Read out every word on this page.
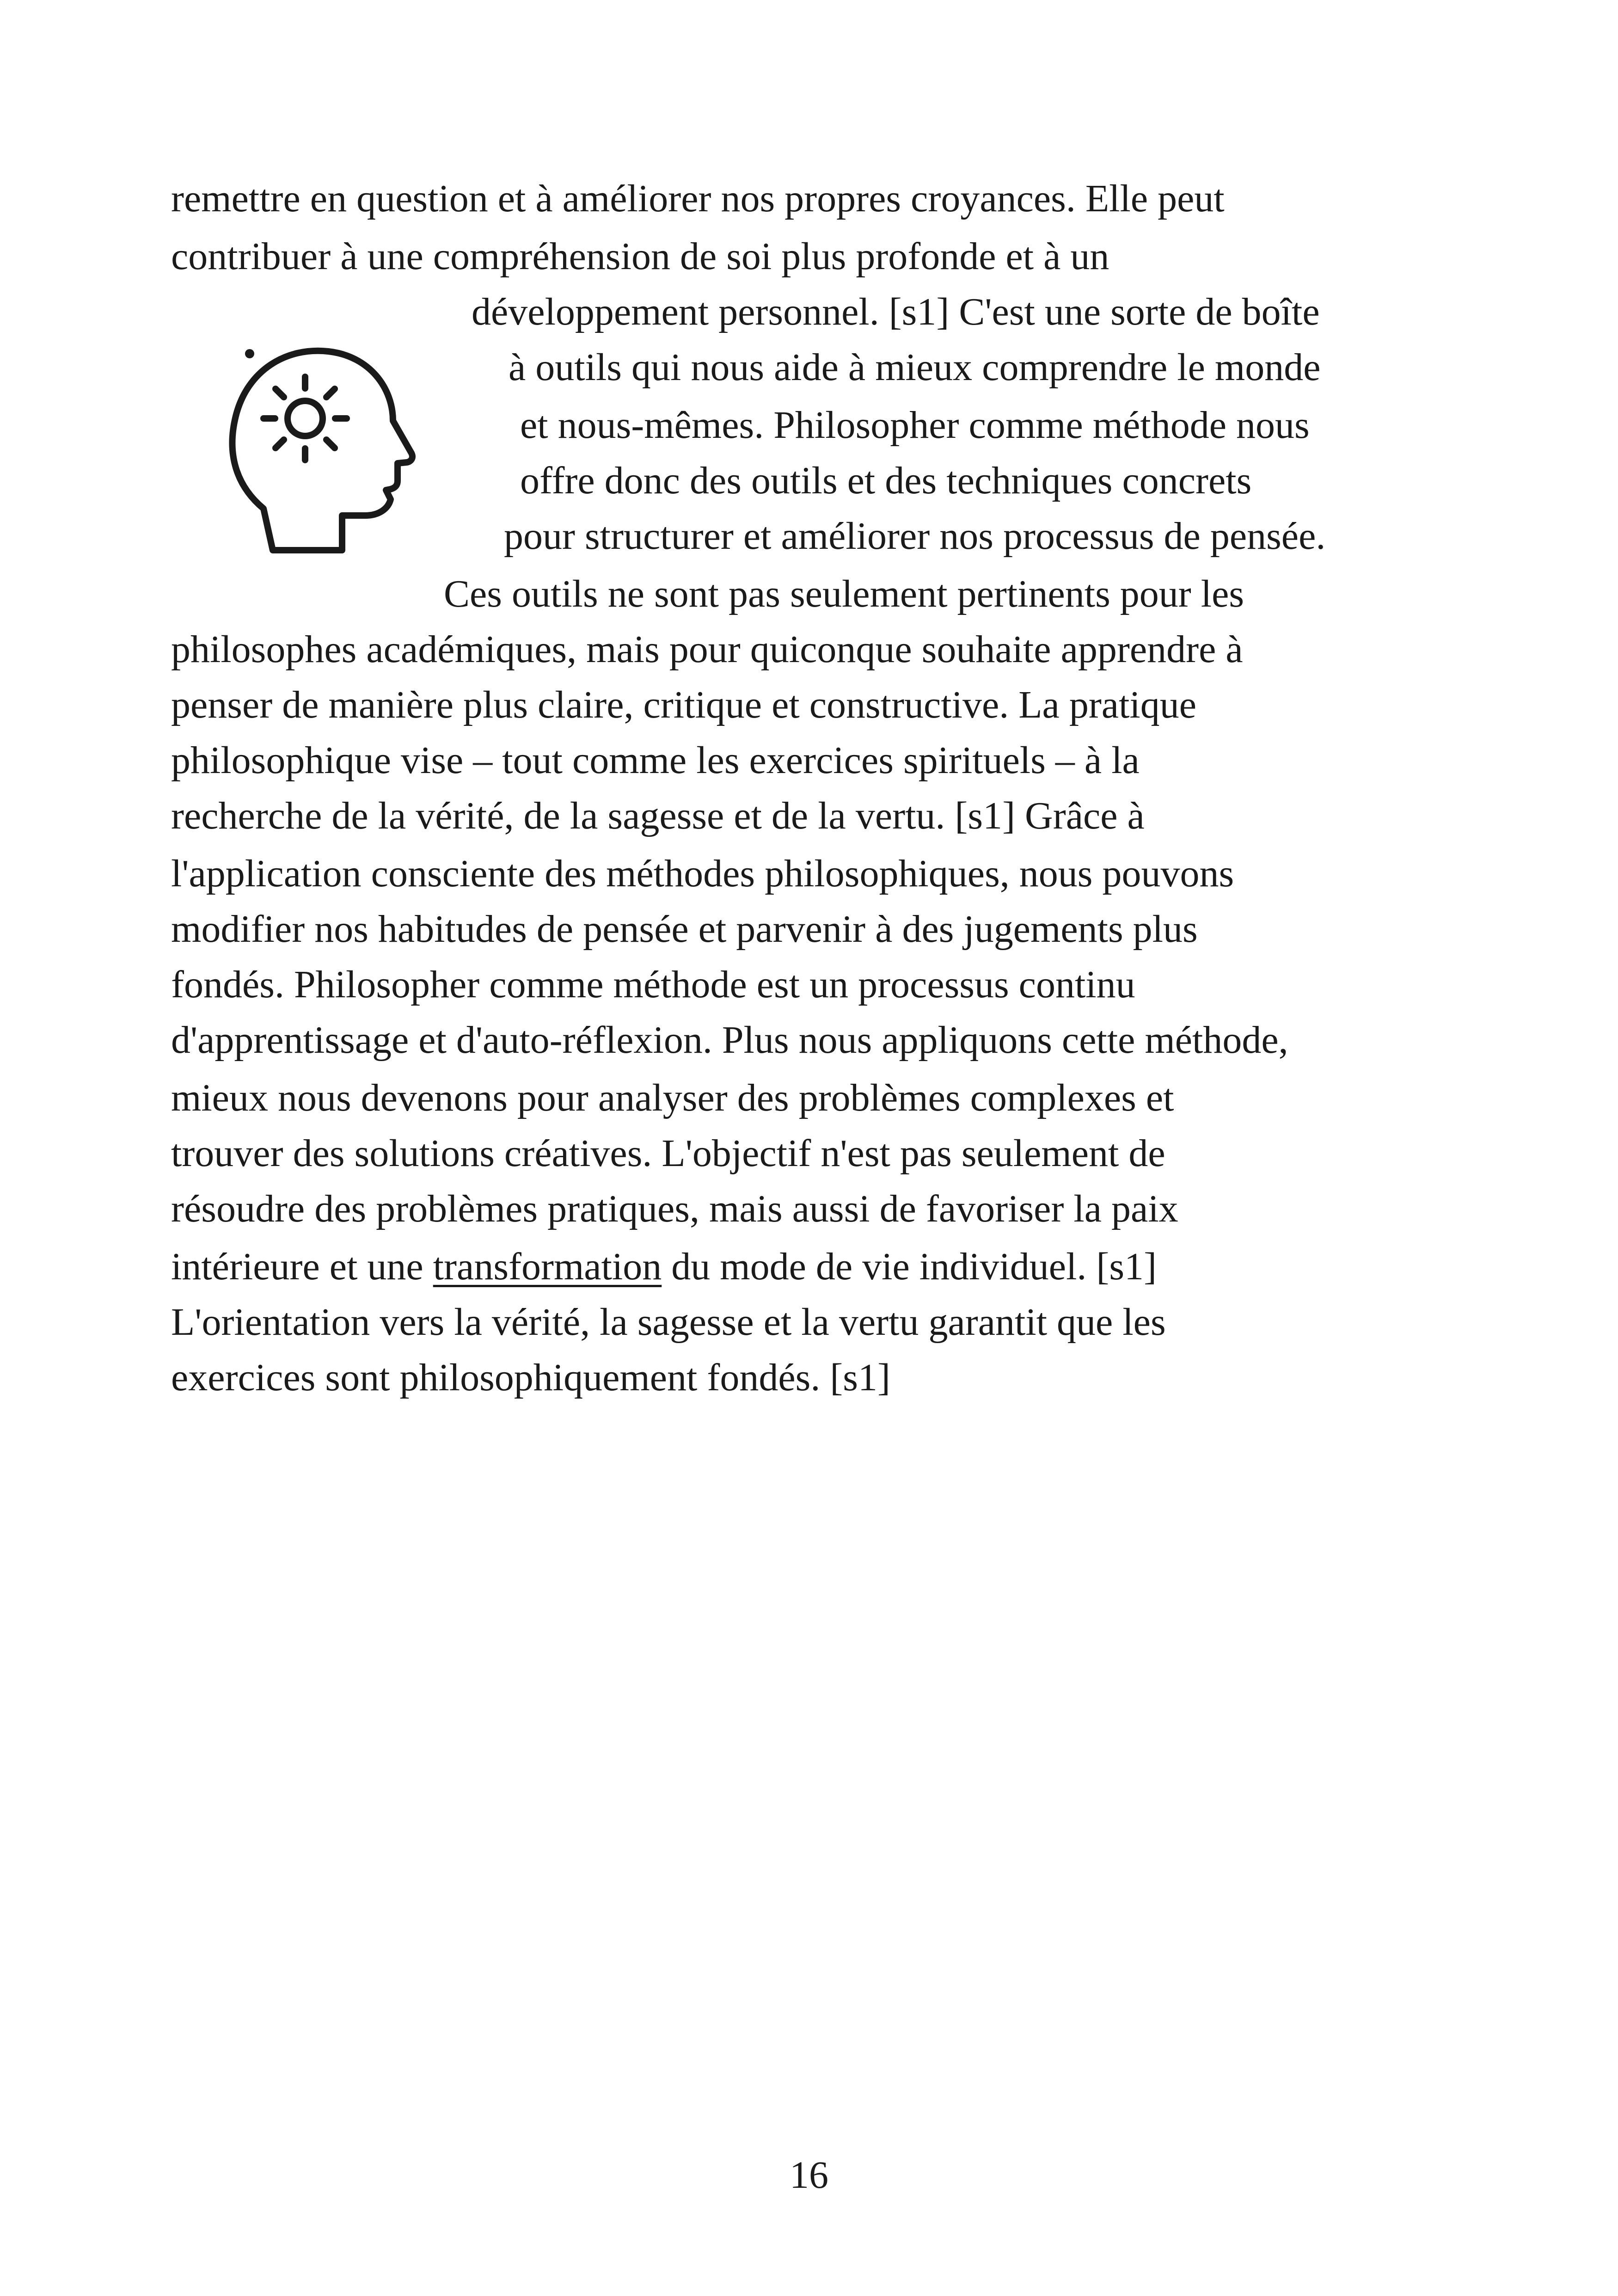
remettre en question et à améliorer nos propres croyances. Elle peut
contribuer à une compréhension de soi plus profonde et à un
développement personnel. [s1] C'est une sorte de boîte
à outils qui nous aide à mieux comprendre le monde
et nous-mêmes. Philosopher comme méthode nous
offre donc des outils et des techniques concrets
pour structurer et améliorer nos processus de pensée.
Ces outils ne sont pas seulement pertinents pour les
philosophes académiques, mais pour quiconque souhaite apprendre à
penser de manière plus claire, critique et constructive. La pratique
philosophique vise – tout comme les exercices spirituels – à la
recherche de la vérité, de la sagesse et de la vertu. [s1] Grâce à
l'application consciente des méthodes philosophiques, nous pouvons
modifier nos habitudes de pensée et parvenir à des jugements plus
fondés. Philosopher comme méthode est un processus continu
d'apprentissage et d'auto-réflexion. Plus nous appliquons cette méthode,
mieux nous devenons pour analyser des problèmes complexes et
trouver des solutions créatives. L'objectif n'est pas seulement de
résoudre des problèmes pratiques, mais aussi de favoriser la paix
intérieure et une transformation du mode de vie individuel. [s1]
L'orientation vers la vérité, la sagesse et la vertu garantit que les
exercices sont philosophiquement fondés. [s1]
16
